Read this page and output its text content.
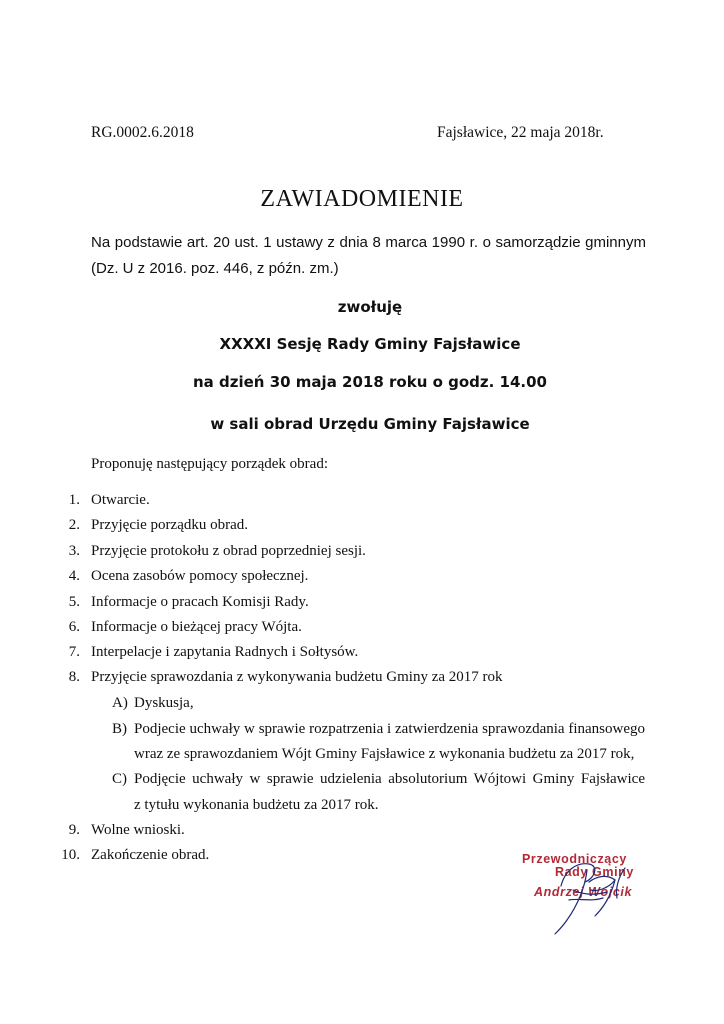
RG.0002.6.2018	Fajsławice, 22 maja 2018r.
ZAWIADOMIENIE
Na podstawie art. 20 ust. 1 ustawy z dnia 8 marca 1990 r. o samorządzie gminnym (Dz. U z 2016. poz. 446, z późn. zm.)
zwołuję
XXXXI Sesję Rady Gminy Fajsławice
na dzień 30 maja 2018 roku o godz. 14.00
w sali obrad Urzędu Gminy Fajsławice
Proponuję następujący porządek obrad:
1. Otwarcie.
2. Przyjęcie porządku obrad.
3. Przyjęcie protokołu z obrad poprzedniej sesji.
4. Ocena zasobów pomocy społecznej.
5. Informacje o pracach Komisji Rady.
6. Informacje o bieżącej pracy Wójta.
7. Interpelacje i zapytania Radnych i Sołtysów.
8. Przyjęcie sprawozdania z wykonywania budżetu Gminy za 2017 rok
A) Dyskusja,
B) Podjecie uchwały w sprawie rozpatrzenia i zatwierdzenia sprawozdania finansowego
wraz ze sprawozdaniem Wójt Gminy Fajsławice z wykonania budżetu za 2017 rok,
C) Podjęcie uchwały w sprawie udzielenia absolutorium Wójtowi Gminy Fajsławice
z tytułu wykonania budżetu za 2017 rok.
9. Wolne wnioski.
10. Zakończenie obrad.	Przewodniczący
Rady Gminy
Andrzej Wójcik
